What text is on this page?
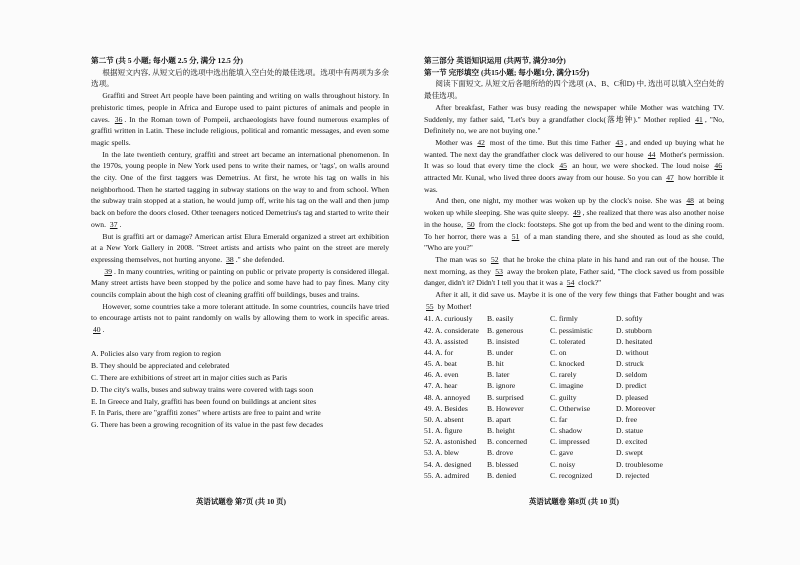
第二节 (共 5 小题; 每小题 2.5 分, 满分 12.5 分)

根据短文内容, 从短文后的选项中选出能填入空白处的最佳选项。选项中有两项为多余选项。

Graffiti and Street Art people have been painting and writing on walls throughout history. In prehistoric times, people in Africa and Europe used to paint pictures of animals and people in caves. 36 . In the Roman town of Pompeii, archaeologists have found numerous examples of graffiti written in Latin. These include religious, political and romantic messages, and even some magic spells.

In the late twentieth century, graffiti and street art became an international phenomenon. In the 1970s, young people in New York used pens to write their names, or 'tags', on walls around the city. One of the first taggers was Demetrius. At first, he wrote his tag on walls in his neighborhood. Then he started tagging in subway stations on the way to and from school. When the subway train stopped at a station, he would jump off, write his tag on the wall and then jump back on before the doors closed. Other teenagers noticed Demetrius's tag and started to write their own. 37 .

But is graffiti art or damage? American artist Elura Emerald organized a street art exhibition at a New York Gallery in 2008. "Street artists and artists who paint on the street are merely expressing themselves, not hurting anyone. 38 ." she defended.

39 . In many countries, writing or painting on public or private property is considered illegal. Many street artists have been stopped by the police and some have had to pay fines. Many city councils complain about the high cost of cleaning graffiti off buildings, buses and trains.

However, some countries take a more tolerant attitude. In some countries, councils have tried to encourage artists not to paint randomly on walls by allowing them to work in specific areas. 40 .

A. Policies also vary from region to region
B. They should be appreciated and celebrated
C. There are exhibitions of street art in major cities such as Paris
D. The city's walls, buses and subway trains were covered with tags soon
E. In Greece and Italy, graffiti has been found on buildings at ancient sites
F. In Paris, there are "graffiti zones" where artists are free to paint and write
G. There has been a growing recognition of its value in the past few decades
英语试题卷 第7页 (共 10 页)
第三部分 英语知识运用 (共两节, 满分30分)
第一节 完形填空 (共15小题; 每小题1分, 满分15分)

阅读下面短文, 从短文后各题所给的四个选项 (A、B、C和D) 中, 选出可以填入空白处的最佳选项。

After breakfast, Father was busy reading the newspaper while Mother was watching TV. Suddenly, my father said, "Let's buy a grandfather clock(落地钟)." Mother replied 41 , "No, Definitely no, we are not buying one."

Mother was 42 most of the time. But this time Father 43 , and ended up buying what he wanted. The next day the grandfather clock was delivered to our house 44 Mother's permission. It was so loud that every time the clock 45 an hour, we were shocked. The loud noise 46 attracted Mr. Kunal, who lived three doors away from our house. So you can 47 how horrible it was.

And then, one night, my mother was woken up by the clock's noise. She was 48 at being woken up while sleeping. She was quite sleepy. 49 , she realized that there was also another noise in the house, 50 from the clock: footsteps. She got up from the bed and went to the dining room. To her horror, there was a 51 of a man standing there, and she shouted as loud as she could, "Who are you?"

The man was so 52 that he broke the china plate in his hand and ran out of the house. The next morning, as they 53 away the broken plate, Father said, "The clock saved us from possible danger, didn't it? Didn't I tell you that it was a 54 clock?"

After it all, it did save us. Maybe it is one of the very few things that Father bought and was 55 by Mother!

41. A. curiously	B. easily	C. firmly	D. softly
42. A. considerate	B. generous	C. pessimistic	D. stubborn
43. A. assisted	B. insisted	C. tolerated	D. hesitated
44. A. for	B. under	C. on	D. without
45. A. beat	B. hit	C. knocked	D. struck
46. A. even	B. later	C. rarely	D. seldom
47. A. hear	B. ignore	C. imagine	D. predict
48. A. annoyed	B. surprised	C. guilty	D. pleased
49. A. Besides	B. However	C. Otherwise	D. Moreover
50. A. absent	B. apart	C. far	D. free
51. A. figure	B. height	C. shadow	D. statue
52. A. astonished	B. concerned	C. impressed	D. excited
53. A. blew	B. drove	C. gave	D. swept
54. A. designed	B. blessed	C. noisy	D. troublesome
55. A. admired	B. denied	C. recognized	D. rejected
英语试题卷 第8页 (共 10 页)
